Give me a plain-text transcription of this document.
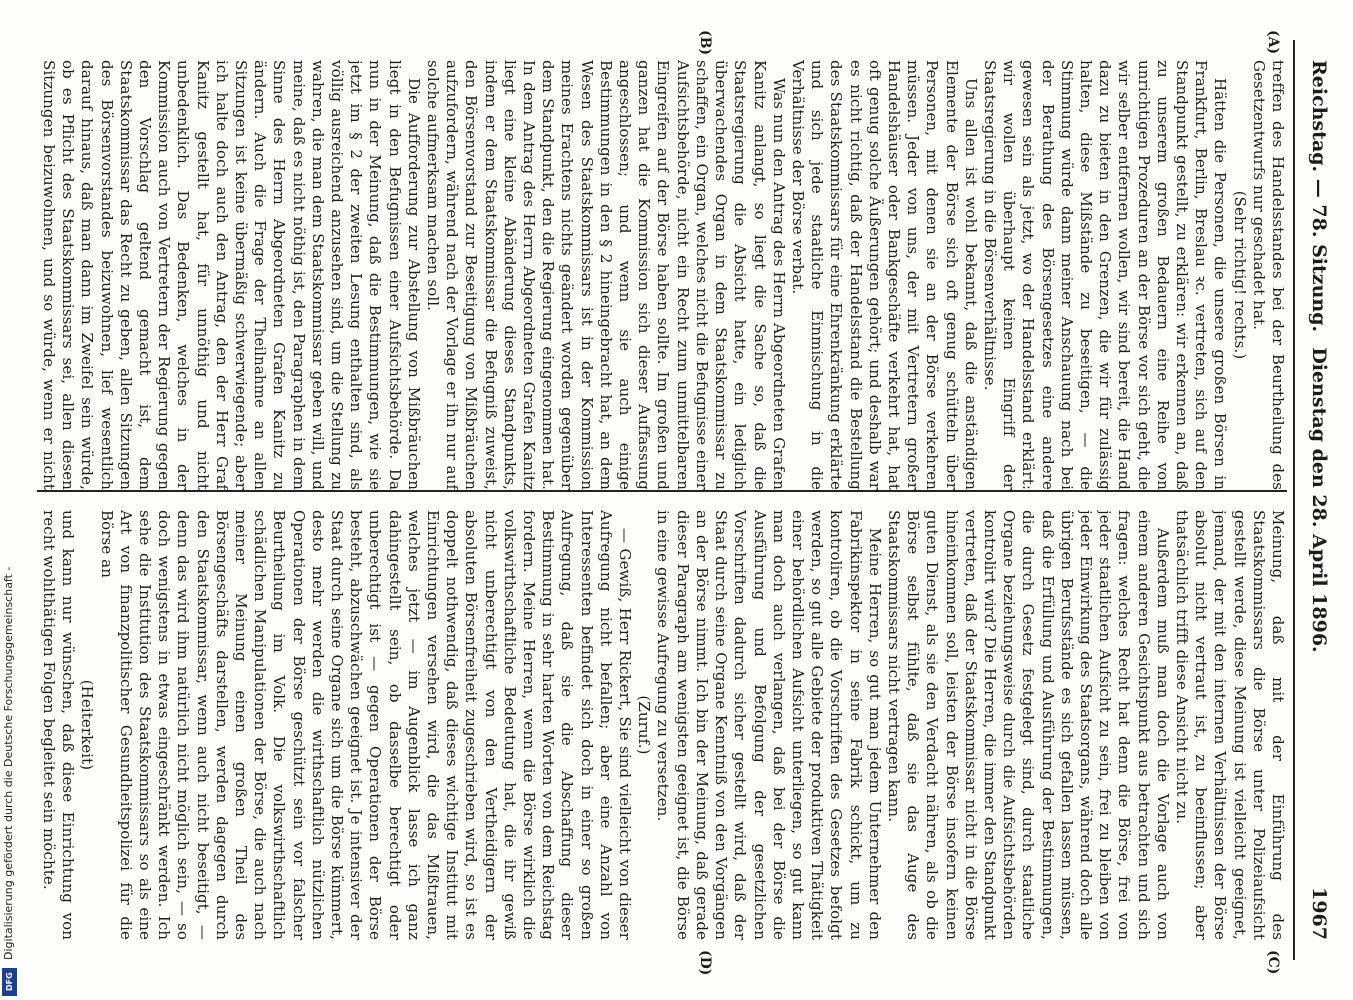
Reichstag. — 78. Sitzung.
Dienstag den 28. April 1896.
1967
(A)
(B)
(C)
(D)

treffen des Handelsstandes bei der Beurtheilung des Gesetzentwurfs nur geschadet hat.

(Sehr richtig! rechts.)

Hätten die Personen, die unsere großen Börsen in Frankfurt, Berlin, Breslau ꝛc. vertreten, sich auf den Standpunkt gestellt, zu erklären: wir erkennen an, daß zu unserem großen Bedauern eine Reihe von unrichtigen Prozeduren an der Börse vor sich geht, die wir selber entfernen wollen, wir sind bereit, die Hand dazu zu bieten in den Grenzen, die wir für zulässig halten, diese Mißstände zu beseitigen, — die Stimmung würde dann meiner Anschauung nach bei der Berathung des Börsengesetzes eine andere gewesen sein als jetzt, wo der Handelsstand erklärt: wir wollen überhaupt keinen Eingriff der Staatsregierung in die Börsenverhältnisse.

Uns allen ist wohl bekannt, daß die anständigen Elemente der Börse sich oft genug schütteln über Personen, mit denen sie an der Börse verkehren müssen. Jeder von uns, der mit Vertretern großer Handelshäuser oder Bankgeschäfte verkehrt hat, hat oft genug solche Äußerungen gehört; und deshalb war es nicht richtig, daß der Handelsstand die Bestellung des Staatskommissars für eine Ehrenkränkung erklärte und sich jede staatliche Einmischung in die Verhältnisse der Börse verbat.

Was nun den Antrag des Herrn Abgeordneten Grafen Kanitz anlangt, so liegt die Sache so, daß die Staatsregierung die Absicht hatte, ein lediglich überwachendes Organ in dem Staatskommissar zu schaffen, ein Organ, welches nicht die Befugnisse einer Aufsichtsbehörde, nicht ein Recht zum unmittelbaren Eingreifen auf der Börse haben sollte. Im großen und ganzen hat die Kommission sich dieser Auffassung angeschlossen; und wenn sie auch einige Bestimmungen in den § 2 hineingebracht hat, an dem Wesen des Staatskommissars ist in der Kommission meines Erachtens nichts geändert worden gegenüber dem Standpunkt, den die Regierung eingenommen hat. In dem Antrag des Herrn Abgeordneten Grafen Kanitz liegt eine kleine Abänderung dieses Standpunkts, indem er dem Staatskommissar die Befugniß zuweist, den Börsenvorstand zur Beseitigung von Mißbräuchen aufzufordern, während nach der Vorlage er ihn nur auf solche aufmerksam machen soll.

Die Aufforderung zur Abstellung von Mißbräuchen liegt in den Befugnissen einer Aufsichtsbehörde. Da nun in der Meinung, daß die Bestimmungen, wie sie jetzt im § 2 der zweiten Lesung enthalten sind, als völlig ausreichend anzusehen sind, um die Stellung zu wahren, die man dem Staatskommissar geben will, und meine, daß es nicht nöthig ist, den Paragraphen in dem Sinne des Herrn Abgeordneten Grafen Kanitz zu ändern. Auch die Frage der Theilnahme an allen Sitzungen ist keine übermäßig schwerwiegende; aber ich halte doch auch den Antrag, den der Herr Graf Kanitz gestellt hat, für unnöthig und nicht unbedenklich. Das Bedenken, welches in der Kommission auch von Vertretern der Regierung gegen den Vorschlag geltend gemacht ist, dem Staatskommissar das Recht zu geben, allen Sitzungen des Börsenvorstandes beizuwohnen, lief wesentlich darauf hinaus, daß man dann im Zweifel sein würde, ob es Pflicht des Staatskommissars sei, allen diesen Sitzungen beizuwohnen, und so würde, wenn er nicht

Meinung, daß mit der Einführung des Staatskommissars die Börse unter Polizeiaufsicht gestellt werde, diese Meinung ist vielleicht geeignet, jemand, der mit den internen Verhältnissen der Börse absolut nicht vertraut ist, zu beeinflussen; aber thatsächlich trifft diese Ansicht nicht zu.

Außerdem muß man doch die Vorlage auch von einem anderen Gesichtspunkt aus betrachten und sich fragen: welches Recht hat denn die Börse, frei von jeder staatlichen Aufsicht zu sein, frei zu bleiben von jeder Einwirkung des Staatsorgans, während doch alle übrigen Berufsstände es sich gefallen lassen müssen, daß die Erfüllung und Ausführung der Bestimmungen, die durch Gesetz festgelegt sind, durch staatliche Organe beziehungsweise durch die Aufsichtsbehörden kontrolirt wird? Die Herren, die immer den Standpunkt vertreten, daß der Staatskommissar nicht in die Börse hineinkommen soll, leisten der Börse insofern keinen guten Dienst, als sie den Verdacht nähren, als ob die Börse selbst fühlte, daß sie das Auge des Staatskommissars nicht vertragen kann.

Meine Herren, so gut man jedem Unternehmer den Fabrikinspektor in seine Fabrik schickt, um zu kontroliren, ob die Vorschriften des Gesetzes befolgt werden, so gut alle Gebiete der produktiven Thätigkeit einer behördlichen Aufsicht unterliegen, so gut kann man doch auch verlangen, daß bei der Börse die Ausführung und Befolgung der gesetzlichen Vorschriften dadurch sicher gestellt wird, daß der Staat durch seine Organe Kenntniß von den Vorgängen an der Börse nimmt. Ich bin der Meinung, daß gerade dieser Paragraph am wenigsten geeignet ist, die Börse in eine gewisse Aufregung zu versetzen.

(Zuruf.)

— Gewiß, Herr Rickert, Sie sind vielleicht von dieser Aufregung nicht befallen; aber eine Anzahl von Interessenten befindet sich doch in einer so großen Aufregung, daß sie die Abschaffung dieser Bestimmung in sehr harten Worten von dem Reichstag fordern. Meine Herren, wenn die Börse wirklich die volkswirthschaftliche Bedeutung hat, die ihr gewiß nicht unberechtigt von den Vertheidigern der absoluten Börsenfreiheit zugeschrieben wird, so ist es doppelt nothwendig, daß dieses wichtige Institut mit Einrichtungen versehen wird, die das Mißtrauen, welches jetzt — im Augenblick lasse ich ganz dahingestellt sein, ob dasselbe berechtigt oder unberechtigt ist — gegen Operationen der Börse besteht, abzuschwächen geeignet ist. Je intensiver der Staat durch seine Organe sich um die Börse kümmert, desto mehr werden die wirthschaftlich nützlichen Operationen der Börse geschützt sein vor falscher Beurtheilung im Volk. Die volkswirthschaftlich schädlichen Manipulationen der Börse, die auch nach meiner Meinung einen großen Theil des Börsengeschäfts darstellen, werden dagegen durch den Staatskommissar, wenn auch nicht beseitigt, — denn das wird ihm natürlich nicht möglich sein, — so doch wenigstens in etwas eingeschränkt werden. Ich sehe die Institution des Staatskommissars so als eine Art von finanzpolitischer Gesundheitspolizei für die Börse an

(Heiterkeit)

und kann nur wünschen, daß diese Einrichtung von recht wohlthätigen Folgen begleitet sein möchte.

Digitalisierung gefördert durch die Deutsche Forschungsgemeinschaft -
DFG
